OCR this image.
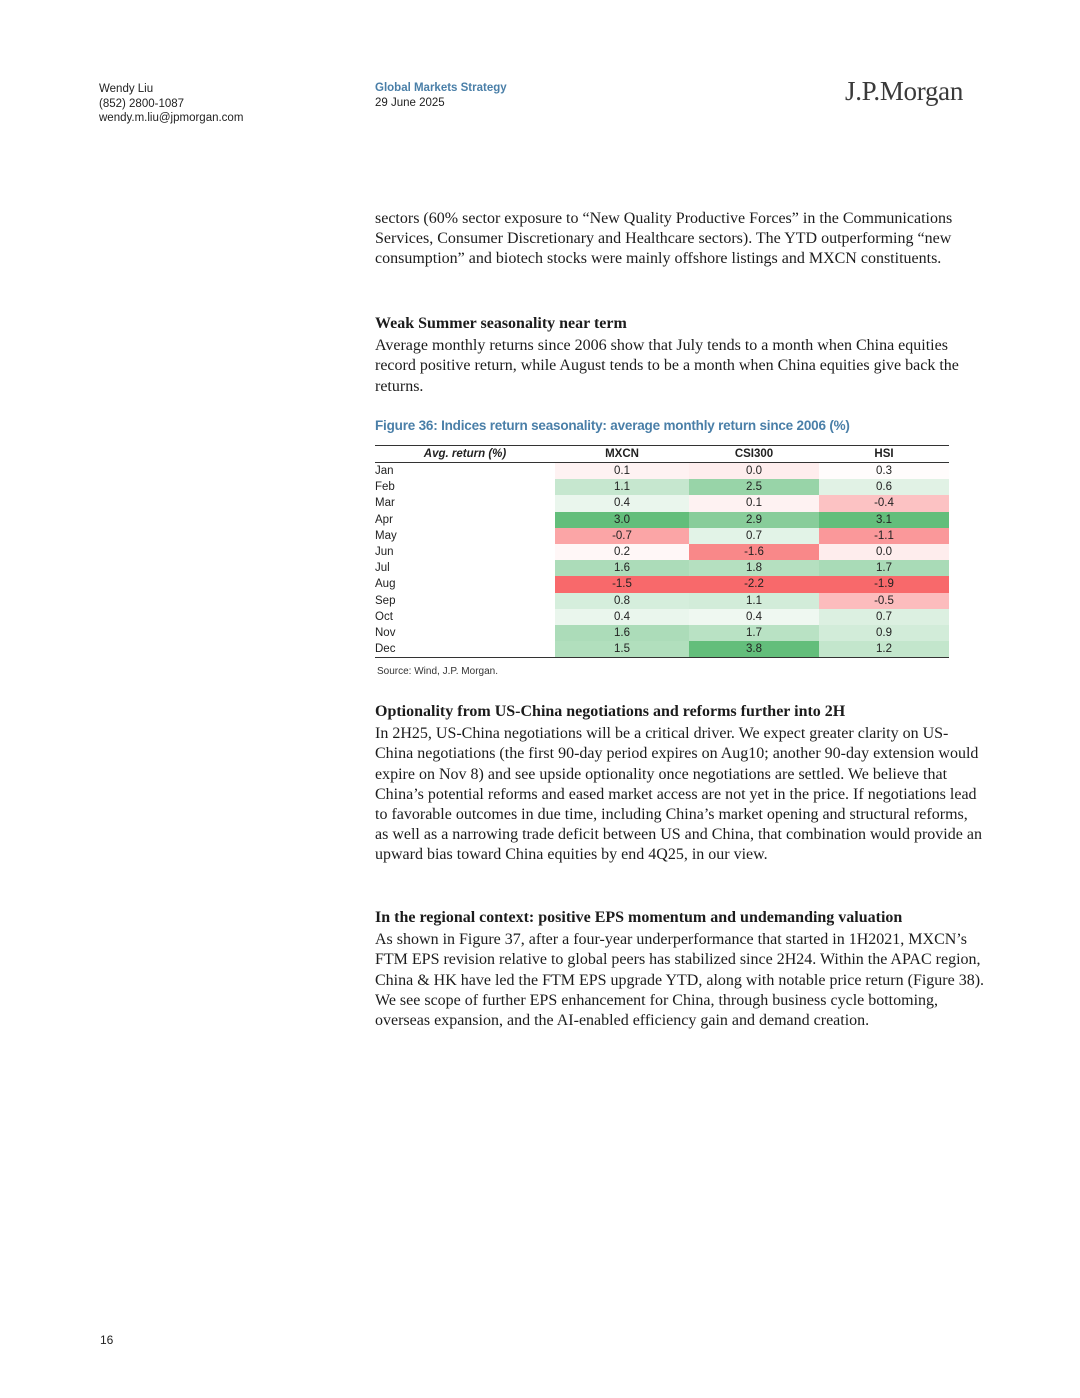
Wendy Liu
(852) 2800-1087
wendy.m.liu@jpmorgan.com
Global Markets Strategy
29 June 2025	J.P.Morgan

sectors (60% sector exposure to “New Quality Productive Forces” in the Communications Services, Consumer Discretionary and Healthcare sectors). The YTD outperforming “new consumption” and biotech stocks were mainly offshore listings and MXCN constituents.

Weak Summer seasonality near term

Average monthly returns since 2006 show that July tends to a month when China equities record positive return, while August tends to be a month when China equities give back the returns.

Figure 36: Indices return seasonality: average monthly return since 2006 (%)
Avg. return (%)	MXCN	CSI300	HSI
Jan	0.1	0.0	0.3
Feb	1.1	2.5	0.6
Mar	0.4	0.1	-0.4
Apr	3.0	2.9	3.1
May	-0.7	0.7	-1.1
Jun	0.2	-1.6	0.0
Jul	1.6	1.8	1.7
Aug	-1.5	-2.2	-1.9
Sep	0.8	1.1	-0.5
Oct	0.4	0.4	0.7
Nov	1.6	1.7	0.9
Dec	1.5	3.8	1.2
Source: Wind, J.P. Morgan.

Optionality from US-China negotiations and reforms further into 2H

In 2H25, US-China negotiations will be a critical driver. We expect greater clarity on US-China negotiations (the first 90-day period expires on Aug10; another 90-day extension would expire on Nov 8) and see upside optionality once negotiations are settled. We believe that China’s potential reforms and eased market access are not yet in the price. If negotiations lead to favorable outcomes in due time, including China’s market opening and structural reforms, as well as a narrowing trade deficit between US and China, that combination would provide an upward bias toward China equities by end 4Q25, in our view.

In the regional context: positive EPS momentum and undemanding valuation

As shown in Figure 37, after a four-year underperformance that started in 1H2021, MXCN’s FTM EPS revision relative to global peers has stabilized since 2H24. Within the APAC region, China & HK have led the FTM EPS upgrade YTD, along with notable price return (Figure 38). We see scope of further EPS enhancement for China, through business cycle bottoming, overseas expansion, and the AI-enabled efficiency gain and demand creation.

16
